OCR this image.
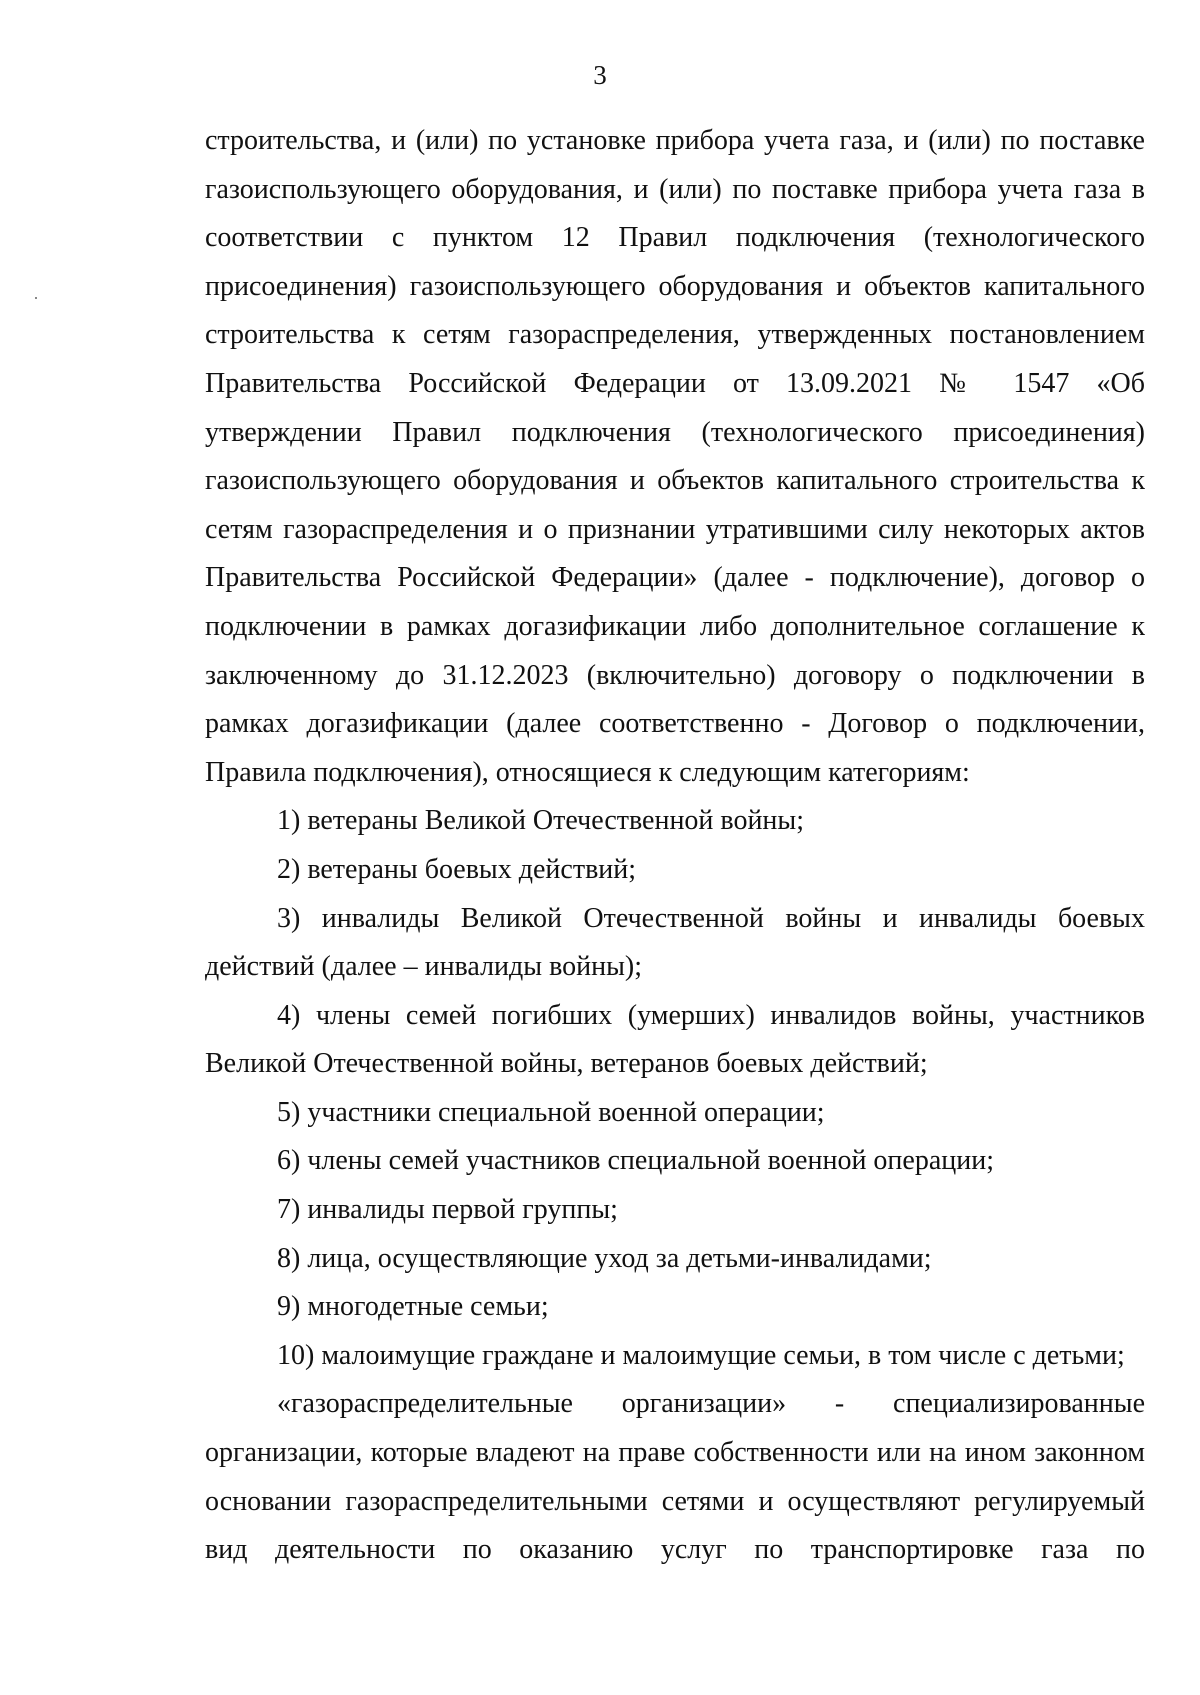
3
строительства, и (или) по установке прибора учета газа, и (или) по поставке
газоиспользующего оборудования, и (или) по поставке прибора учета газа в
соответствии с пунктом 12 Правил подключения (технологического
присоединения) газоиспользующего оборудования и объектов капитального
строительства к сетям газораспределения, утвержденных постановлением
Правительства Российской Федерации от 13.09.2021 № 1547 «Об
утверждении Правил подключения (технологического присоединения)
газоиспользующего оборудования и объектов капитального строительства к
сетям газораспределения и о признании утратившими силу некоторых актов
Правительства Российской Федерации» (далее - подключение), договор о
подключении в рамках догазификации либо дополнительное соглашение к
заключенному до 31.12.2023 (включительно) договору о подключении в
рамках догазификации (далее соответственно - Договор о подключении,
Правила подключения), относящиеся к следующим категориям:
1) ветераны Великой Отечественной войны;
2) ветераны боевых действий;
3) инвалиды Великой Отечественной войны и инвалиды боевых
действий (далее – инвалиды войны);
4) члены семей погибших (умерших) инвалидов войны, участников
Великой Отечественной войны, ветеранов боевых действий;
5) участники специальной военной операции;
6) члены семей участников специальной военной операции;
7) инвалиды первой группы;
8) лица, осуществляющие уход за детьми-инвалидами;
9) многодетные семьи;
10) малоимущие граждане и малоимущие семьи, в том числе с детьми;
«газораспределительные организации» - специализированные
организации, которые владеют на праве собственности или на ином законном
основании газораспределительными сетями и осуществляют регулируемый
вид деятельности по оказанию услуг по транспортировке газа по
